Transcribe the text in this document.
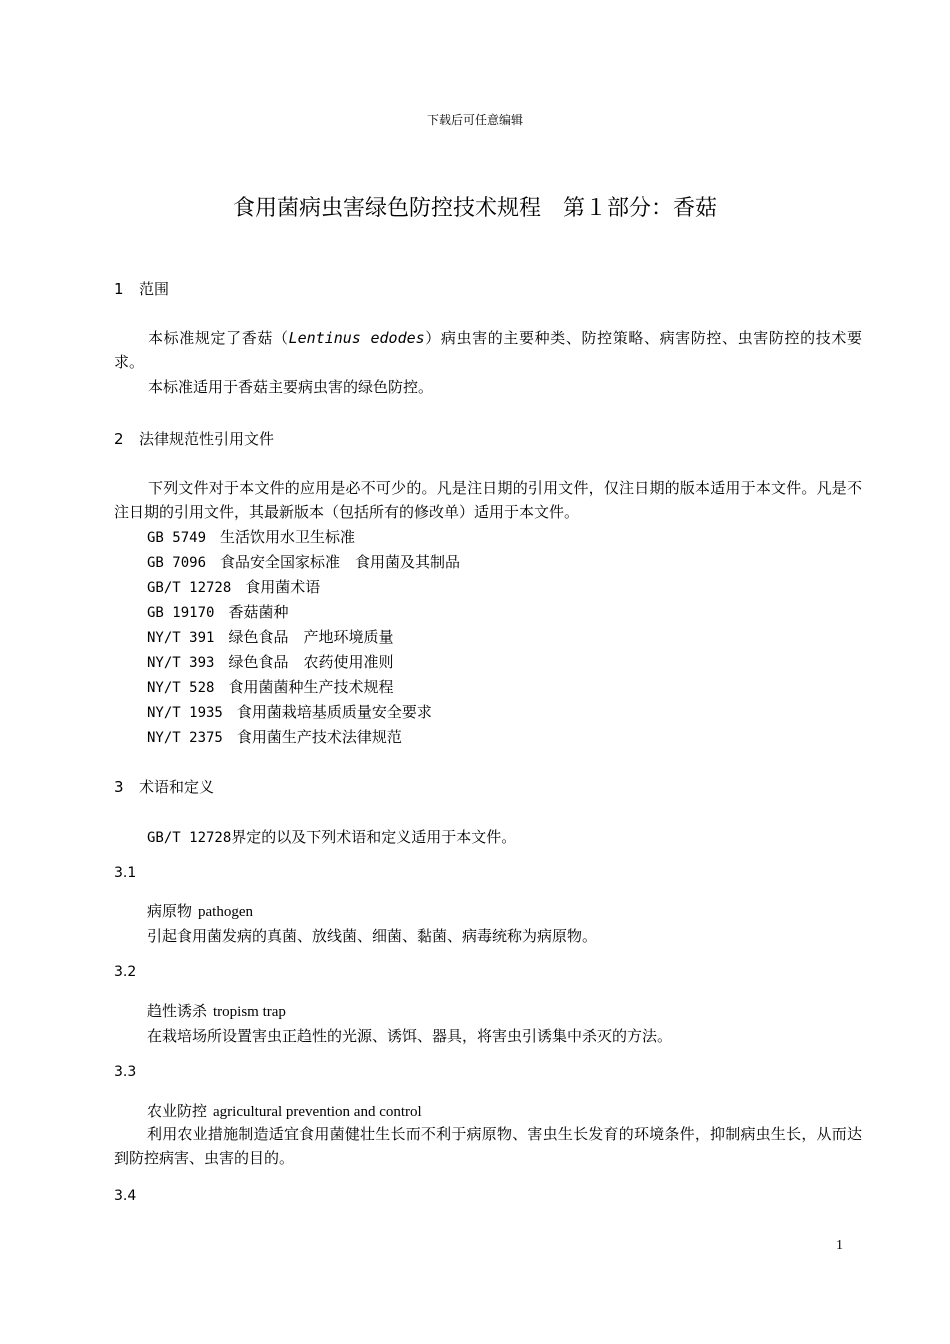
下载后可任意编辑
食用菌病虫害绿色防控技术规程　第１部分：香菇
1 范围
本标准规定了香菇（Lentinus edodes）病虫害的主要种类、防控策略、病害防控、虫害防控的技术要求。
本标准适用于香菇主要病虫害的绿色防控。
2 法律规范性引用文件
下列文件对于本文件的应用是必不可少的。凡是注日期的引用文件，仅注日期的版本适用于本文件。凡是不注日期的引用文件，其最新版本（包括所有的修改单）适用于本文件。
GB 5749 生活饮用水卫生标准
GB 7096 食品安全国家标准　食用菌及其制品
GB/T 12728 食用菌术语
GB 19170 香菇菌种
NY/T 391 绿色食品　产地环境质量
NY/T 393 绿色食品　农药使用准则
NY/T 528 食用菌菌种生产技术规程
NY/T 1935 食用菌栽培基质质量安全要求
NY/T 2375 食用菌生产技术法律规范
3 术语和定义
GB/T 12728界定的以及下列术语和定义适用于本文件。
3.1
病原物 pathogen
引起食用菌发病的真菌、放线菌、细菌、黏菌、病毒统称为病原物。
3.2
趋性诱杀 tropism trap
在栽培场所设置害虫正趋性的光源、诱饵、器具，将害虫引诱集中杀灭的方法。
3.3
农业防控 agricultural prevention and control
利用农业措施制造适宜食用菌健壮生长而不利于病原物、害虫生长发育的环境条件，抑制病虫生长，从而达到防控病害、虫害的目的。
3.4
1
